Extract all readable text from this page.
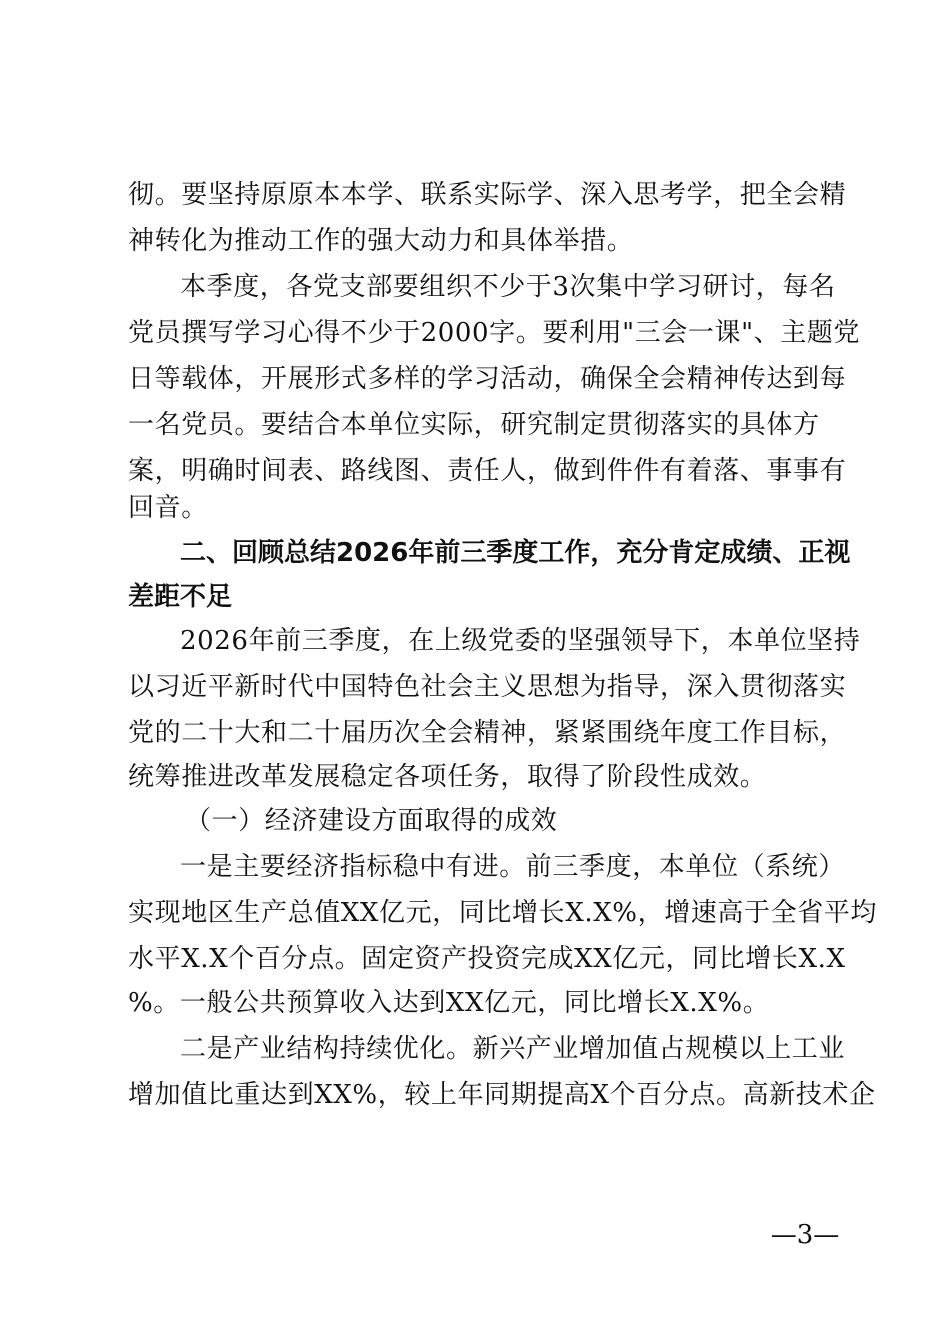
彻。要坚持原原本本学、联系实际学、深入思考学，把全会精
神转化为推动工作的强大动力和具体举措。
本季度，各党支部要组织不少于3次集中学习研讨，每名
党员撰写学习心得不少于2000字。要利用"三会一课"、主题党
日等载体，开展形式多样的学习活动，确保全会精神传达到每
一名党员。要结合本单位实际，研究制定贯彻落实的具体方
案，明确时间表、路线图、责任人，做到件件有着落、事事有
回音。
二、回顾总结2026年前三季度工作，充分肯定成绩、正视
差距不足
2026年前三季度，在上级党委的坚强领导下，本单位坚持
以习近平新时代中国特色社会主义思想为指导，深入贯彻落实
党的二十大和二十届历次全会精神，紧紧围绕年度工作目标，
统筹推进改革发展稳定各项任务，取得了阶段性成效。
（一）经济建设方面取得的成效
一是主要经济指标稳中有进。前三季度，本单位（系统）
实现地区生产总值XX亿元，同比增长X.X%，增速高于全省平均
水平X.X个百分点。固定资产投资完成XX亿元，同比增长X.X
%。一般公共预算收入达到XX亿元，同比增长X.X%。
二是产业结构持续优化。新兴产业增加值占规模以上工业
增加值比重达到XX%，较上年同期提高X个百分点。高新技术企
—3—
